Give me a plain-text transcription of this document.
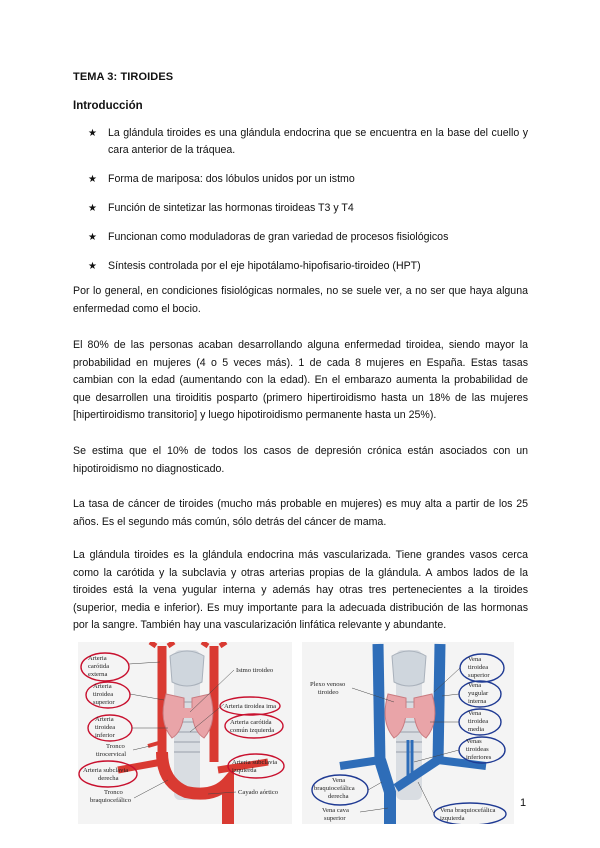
TEMA 3: TIROIDES
Introducción
★ La glándula tiroides es una glándula endocrina que se encuentra en la base del cuello y cara anterior de la tráquea.
★ Forma de mariposa: dos lóbulos unidos por un istmo
★ Función de sintetizar las hormonas tiroideas T3 y T4
★ Funcionan como moduladoras de gran variedad de procesos fisiológicos
★ Síntesis controlada por el eje hipotálamo-hipofisario-tiroideo (HPT)

Por lo general, en condiciones fisiológicas normales, no se suele ver, a no ser que haya alguna enfermedad como el bocio.

El 80% de las personas acaban desarrollando alguna enfermedad tiroidea, siendo mayor la probabilidad en mujeres (4 o 5 veces más). 1 de cada 8 mujeres en España. Estas tasas cambian con la edad (aumentando con la edad). En el embarazo aumenta la probabilidad de que desarrollen una tiroiditis posparto (primero hipertiroidismo hasta un 18% de las mujeres [hipertiroidismo transitorio] y luego hipotiroidismo permanente hasta un 25%).

Se estima que el 10% de todos los casos de depresión crónica están asociados con un hipotiroidismo no diagnosticado.

La tasa de cáncer de tiroides (mucho más probable en mujeres) es muy alta a partir de los 25 años. Es el segundo más común, sólo detrás del cáncer de mama.

La glándula tiroides es la glándula endocrina más vascularizada. Tiene grandes vasos cerca como la carótida y la subclavia y otras arterias propias de la glándula. A ambos lados de la tiroides está la vena yugular interna y además hay otras tres pertenecientes a la tiroides (superior, media e inferior). Es muy importante para la adecuada distribución de las hormonas por la sangre. También hay una vascularización linfática relevante y abundante.

Arteria
carótida
externa
Arteria
tiroidea
superior
Arteria
tiroidea
inferior
Tronco
tirocervical
Arteria subclavia
derecha
Tronco
braquiocefálico
Istmo tiroideo
Arteria tiroidea ima
Arteria carótida
común izquierda
Arteria subclavia
izquierda
Cayado aórtico
Plexo venoso
tiroideo
Vena
tiroidea
superior
Vena
yugular
interna
Vena
tiroidea
media
Venas
tiroideas
inferiores
Vena
braquiocefálica
derecha
Vena cava
superior
Vena braquiocefálica
izquierda
1
